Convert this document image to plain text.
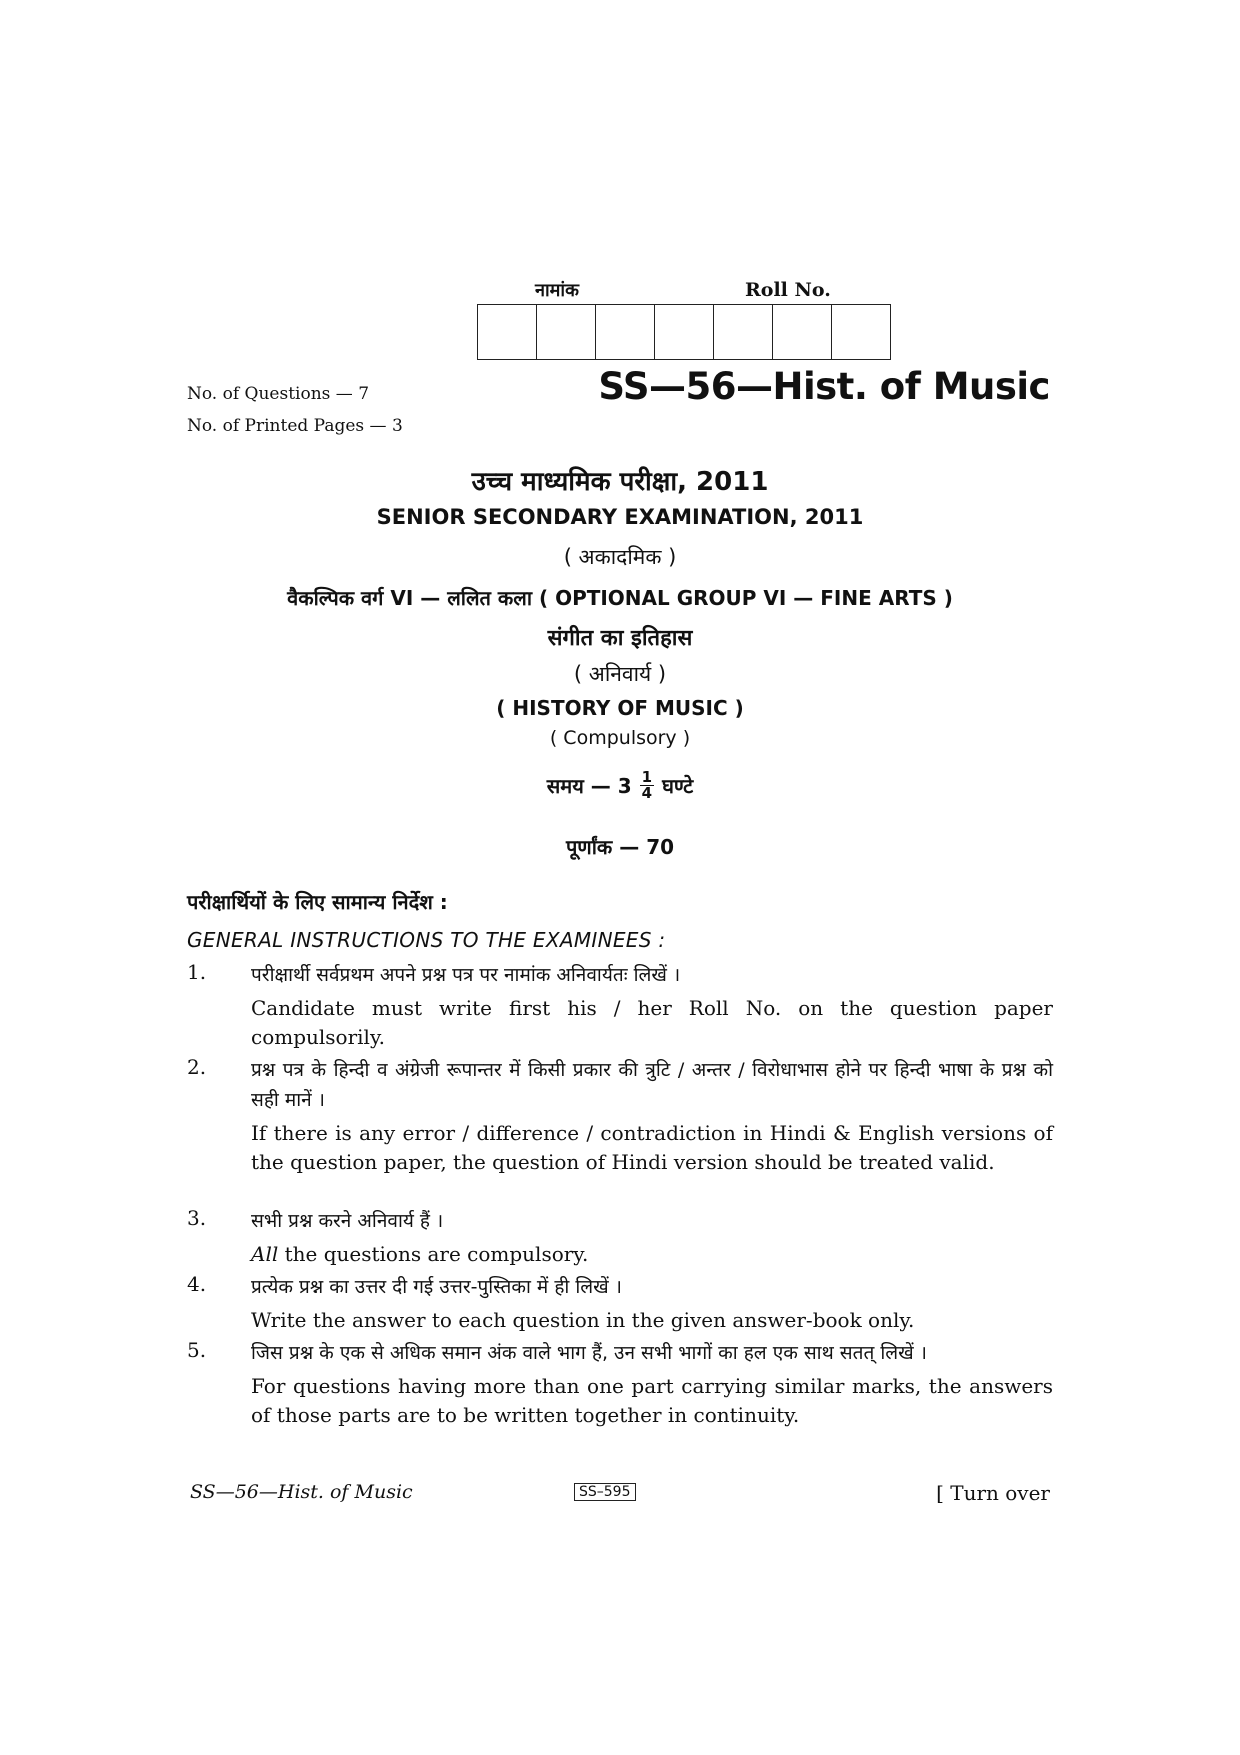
नामांक	Roll No.
No. of Questions — 7
No. of Printed Pages — 3
SS—56—Hist. of Music
उच्च माध्यमिक परीक्षा, 2011
SENIOR SECONDARY EXAMINATION, 2011
( अकादमिक )
वैकल्पिक वर्ग VI — ललित कला ( OPTIONAL GROUP VI — FINE ARTS )
संगीत का इतिहास
( अनिवार्य )
( HISTORY OF MUSIC )
( Compulsory )
समय — $3 \frac{1}{4}$ घण्टे
पूर्णांक — 70
परीक्षार्थियों के लिए सामान्य निर्देश :
GENERAL INSTRUCTIONS TO THE EXAMINEES :
1.	परीक्षार्थी सर्वप्रथम अपने प्रश्न पत्र पर नामांक अनिवार्यतः लिखें ।
Candidate must write first his / her Roll No. on the question paper compulsorily.
2.	प्रश्न पत्र के हिन्दी व अंग्रेजी रूपान्तर में किसी प्रकार की त्रुटि / अन्तर / विरोधाभास होने पर हिन्दी भाषा के प्रश्न को सही मानें ।
If there is any error / difference / contradiction in Hindi & English versions of the question paper, the question of Hindi version should be treated valid.
3.	सभी प्रश्न करने अनिवार्य हैं ।
All the questions are compulsory.
4.	प्रत्येक प्रश्न का उत्तर दी गई उत्तर-पुस्तिका में ही लिखें ।
Write the answer to each question in the given answer-book only.
5.	जिस प्रश्न के एक से अधिक समान अंक वाले भाग हैं, उन सभी भागों का हल एक साथ सतत् लिखें ।
For questions having more than one part carrying similar marks, the answers of those parts are to be written together in continuity.
SS—56—Hist. of Music	SS–595	[ Turn over
